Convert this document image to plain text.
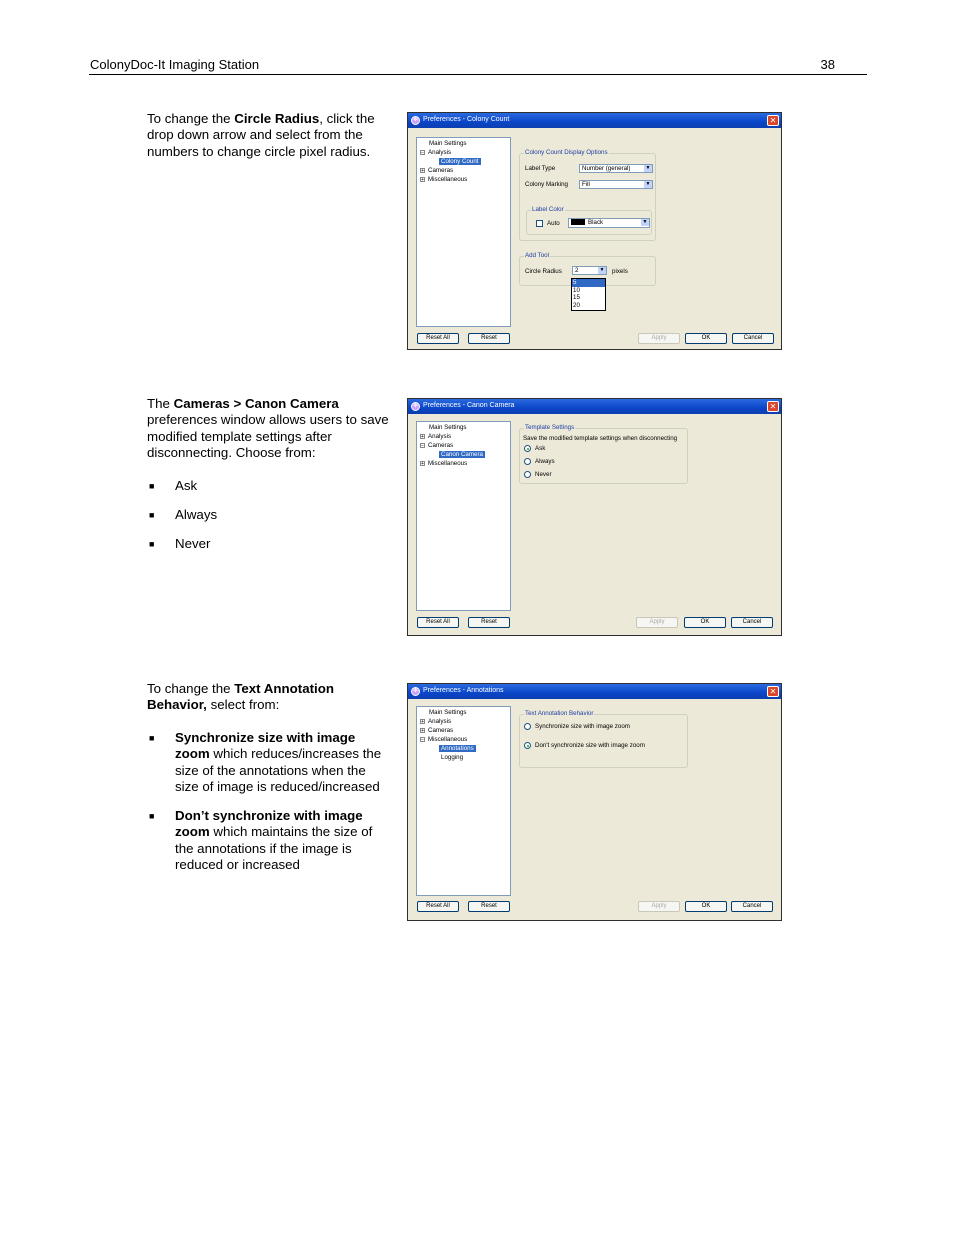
ColonyDoc-It Imaging Station	38

To change the Circle Radius, click the drop down arrow and select from the numbers to change circle pixel radius.

✻ Preferences - Colony Count	✕
Main Settings
− Analysis
Colony Count
+ Cameras
+ Miscellaneous
Colony Count Display Options
Label Type	Number (general)	▼
Colony Marking	Fill	▼
Label Color
Auto	Black	▼
Add Tool
Circle Radius	2	▼ pixels
5
10
15
20
Reset All	Reset	Apply	OK	Cancel

The Cameras > Canon Camera preferences window allows users to save modified template settings after disconnecting. Choose from:

■ Ask
■ Always
■ Never
✻ Preferences - Canon Camera	✕
Main Settings
+ Analysis
− Cameras
Canon Camera
+ Miscellaneous
Template Settings
Save the modified template settings when disconnecting
Ask
Always
Never
Reset All	Reset	Apply	OK	Cancel

To change the Text Annotation Behavior, select from:

■ Synchronize size with image zoom which reduces/increases the size of the annotations when the size of image is reduced/increased
■ Don’t synchronize with image zoom which maintains the size of the annotations if the image is reduced or increased
✻ Preferences - Annotations	✕
Main Settings
+ Analysis
+ Cameras
− Miscellaneous
Annotations
Logging
Text Annotation Behavior
Synchronize size with image zoom
Don't synchronize size with image zoom
Reset All	Reset	Apply	OK	Cancel
